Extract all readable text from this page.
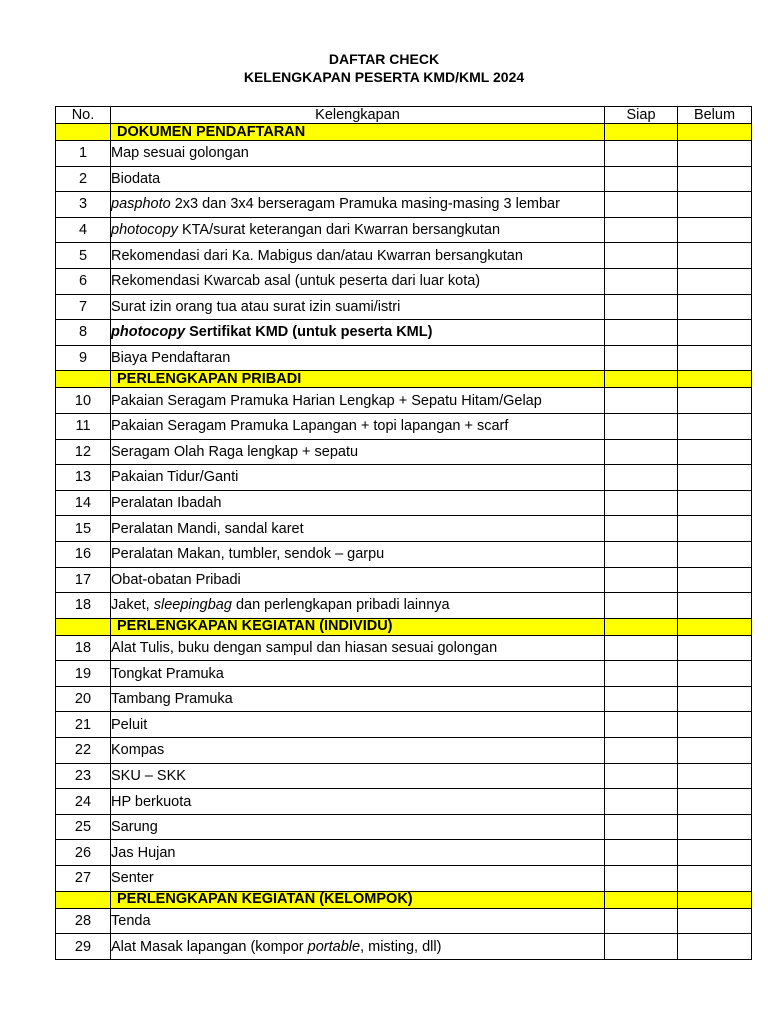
DAFTAR CHECK
KELENGKAPAN PESERTA KMD/KML 2024
No.	Kelengkapan	Siap	Belum
	DOKUMEN PENDAFTARAN		
1	Map sesuai golongan		
2	Biodata		
3	pasphoto 2x3 dan 3x4 berseragam Pramuka masing-masing 3 lembar		
4	photocopy KTA/surat keterangan dari Kwarran bersangkutan		
5	Rekomendasi dari Ka. Mabigus dan/atau Kwarran bersangkutan		
6	Rekomendasi Kwarcab asal (untuk peserta dari luar kota)		
7	Surat izin orang tua atau surat izin suami/istri		
8	photocopy Sertifikat KMD (untuk peserta KML)		
9	Biaya Pendaftaran		
	PERLENGKAPAN PRIBADI		
10	Pakaian Seragam Pramuka Harian Lengkap + Sepatu Hitam/Gelap		
11	Pakaian Seragam Pramuka Lapangan + topi lapangan + scarf		
12	Seragam Olah Raga lengkap + sepatu		
13	Pakaian Tidur/Ganti		
14	Peralatan Ibadah		
15	Peralatan Mandi, sandal karet		
16	Peralatan Makan, tumbler, sendok – garpu		
17	Obat-obatan Pribadi		
18	Jaket, sleepingbag dan perlengkapan pribadi lainnya		
	PERLENGKAPAN KEGIATAN (INDIVIDU)		
18	Alat Tulis, buku dengan sampul dan hiasan sesuai golongan		
19	Tongkat Pramuka		
20	Tambang Pramuka		
21	Peluit		
22	Kompas		
23	SKU – SKK		
24	HP berkuota		
25	Sarung		
26	Jas Hujan		
27	Senter		
	PERLENGKAPAN KEGIATAN (KELOMPOK)		
28	Tenda		
29	Alat Masak lapangan (kompor portable, misting, dll)		
